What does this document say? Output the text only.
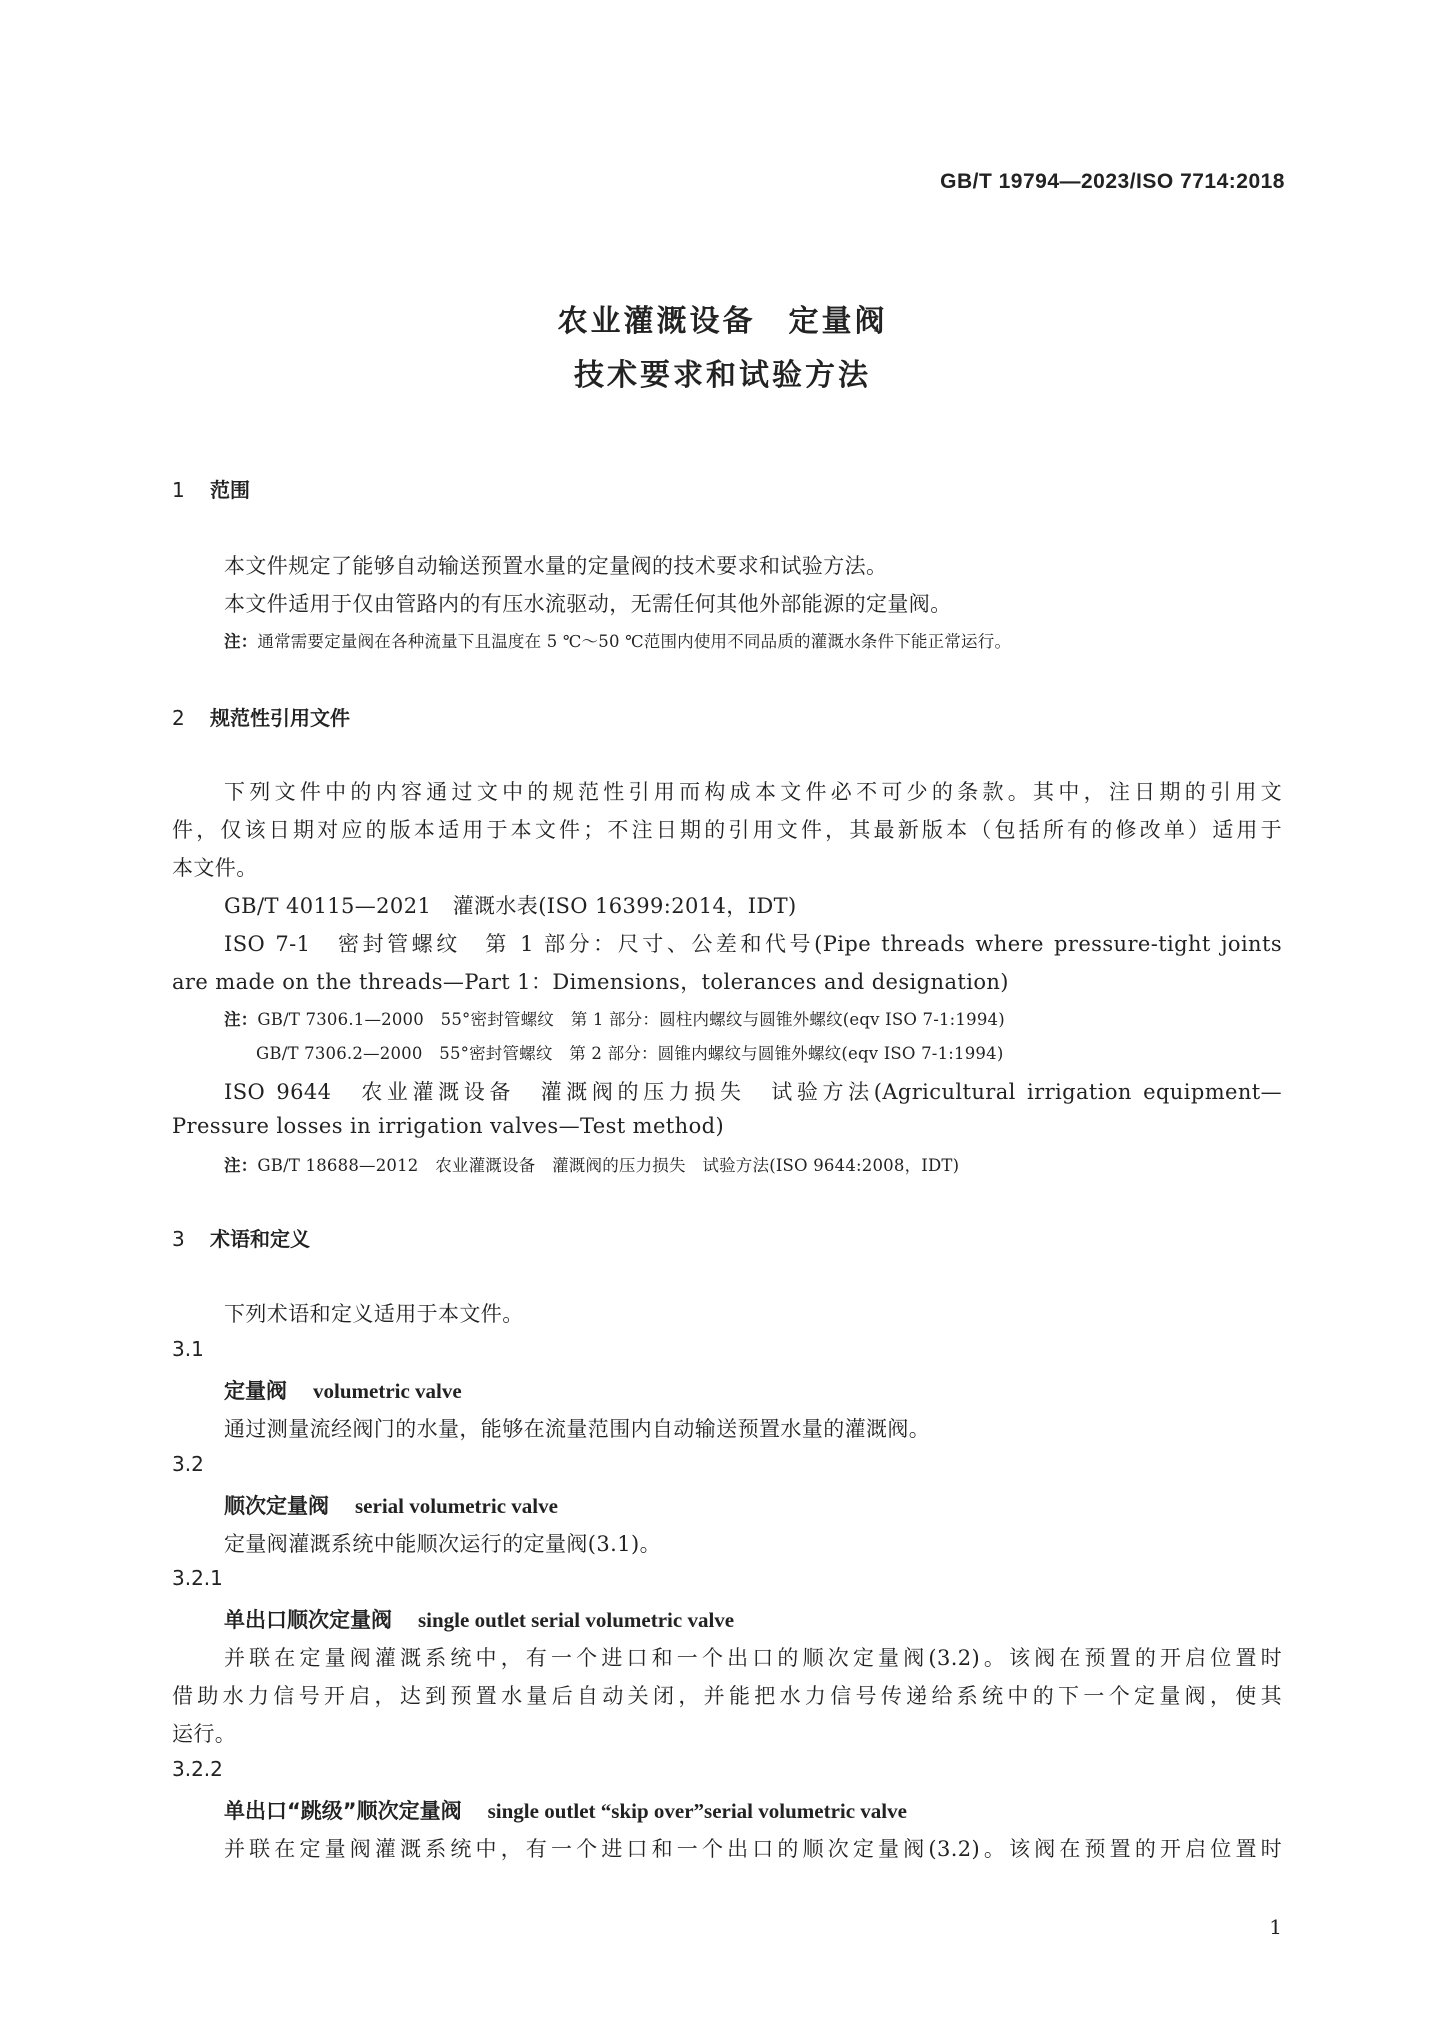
GB/T 19794—2023/ISO 7714:2018
农业灌溉设备　定量阀
技术要求和试验方法
1 范围
本文件规定了能够自动输送预置水量的定量阀的技术要求和试验方法。
本文件适用于仅由管路内的有压水流驱动，无需任何其他外部能源的定量阀。
注：通常需要定量阀在各种流量下且温度在 5 ℃～50 ℃范围内使用不同品质的灌溉水条件下能正常运行。
2 规范性引用文件
下列文件中的内容通过文中的规范性引用而构成本文件必不可少的条款。其中，注日期的引用文
件，仅该日期对应的版本适用于本文件；不注日期的引用文件，其最新版本（包括所有的修改单）适用于
本文件。
GB/T 40115—2021　灌溉水表(ISO 16399:2014，IDT)
ISO 7-1　密封管螺纹　第 1 部分：尺寸、公差和代号(Pipe threads where pressure-tight joints
are made on the threads—Part 1：Dimensions，tolerances and designation)
注：GB/T 7306.1—2000　55°密封管螺纹　第 1 部分：圆柱内螺纹与圆锥外螺纹(eqv ISO 7-1:1994)
GB/T 7306.2—2000　55°密封管螺纹　第 2 部分：圆锥内螺纹与圆锥外螺纹(eqv ISO 7-1:1994)
ISO 9644　农业灌溉设备　灌溉阀的压力损失　试验方法(Agricultural irrigation equipment—
Pressure losses in irrigation valves—Test method)
注：GB/T 18688—2012　农业灌溉设备　灌溉阀的压力损失　试验方法(ISO 9644:2008，IDT)
3 术语和定义
下列术语和定义适用于本文件。
3.1
定量阀 volumetric valve
通过测量流经阀门的水量，能够在流量范围内自动输送预置水量的灌溉阀。
3.2
顺次定量阀 serial volumetric valve
定量阀灌溉系统中能顺次运行的定量阀(3.1)。
3.2.1
单出口顺次定量阀 single outlet serial volumetric valve
并联在定量阀灌溉系统中，有一个进口和一个出口的顺次定量阀(3.2)。该阀在预置的开启位置时
借助水力信号开启，达到预置水量后自动关闭，并能把水力信号传递给系统中的下一个定量阀，使其
运行。
3.2.2
单出口“跳级”顺次定量阀 single outlet “skip over”serial volumetric valve
并联在定量阀灌溉系统中，有一个进口和一个出口的顺次定量阀(3.2)。该阀在预置的开启位置时
1
